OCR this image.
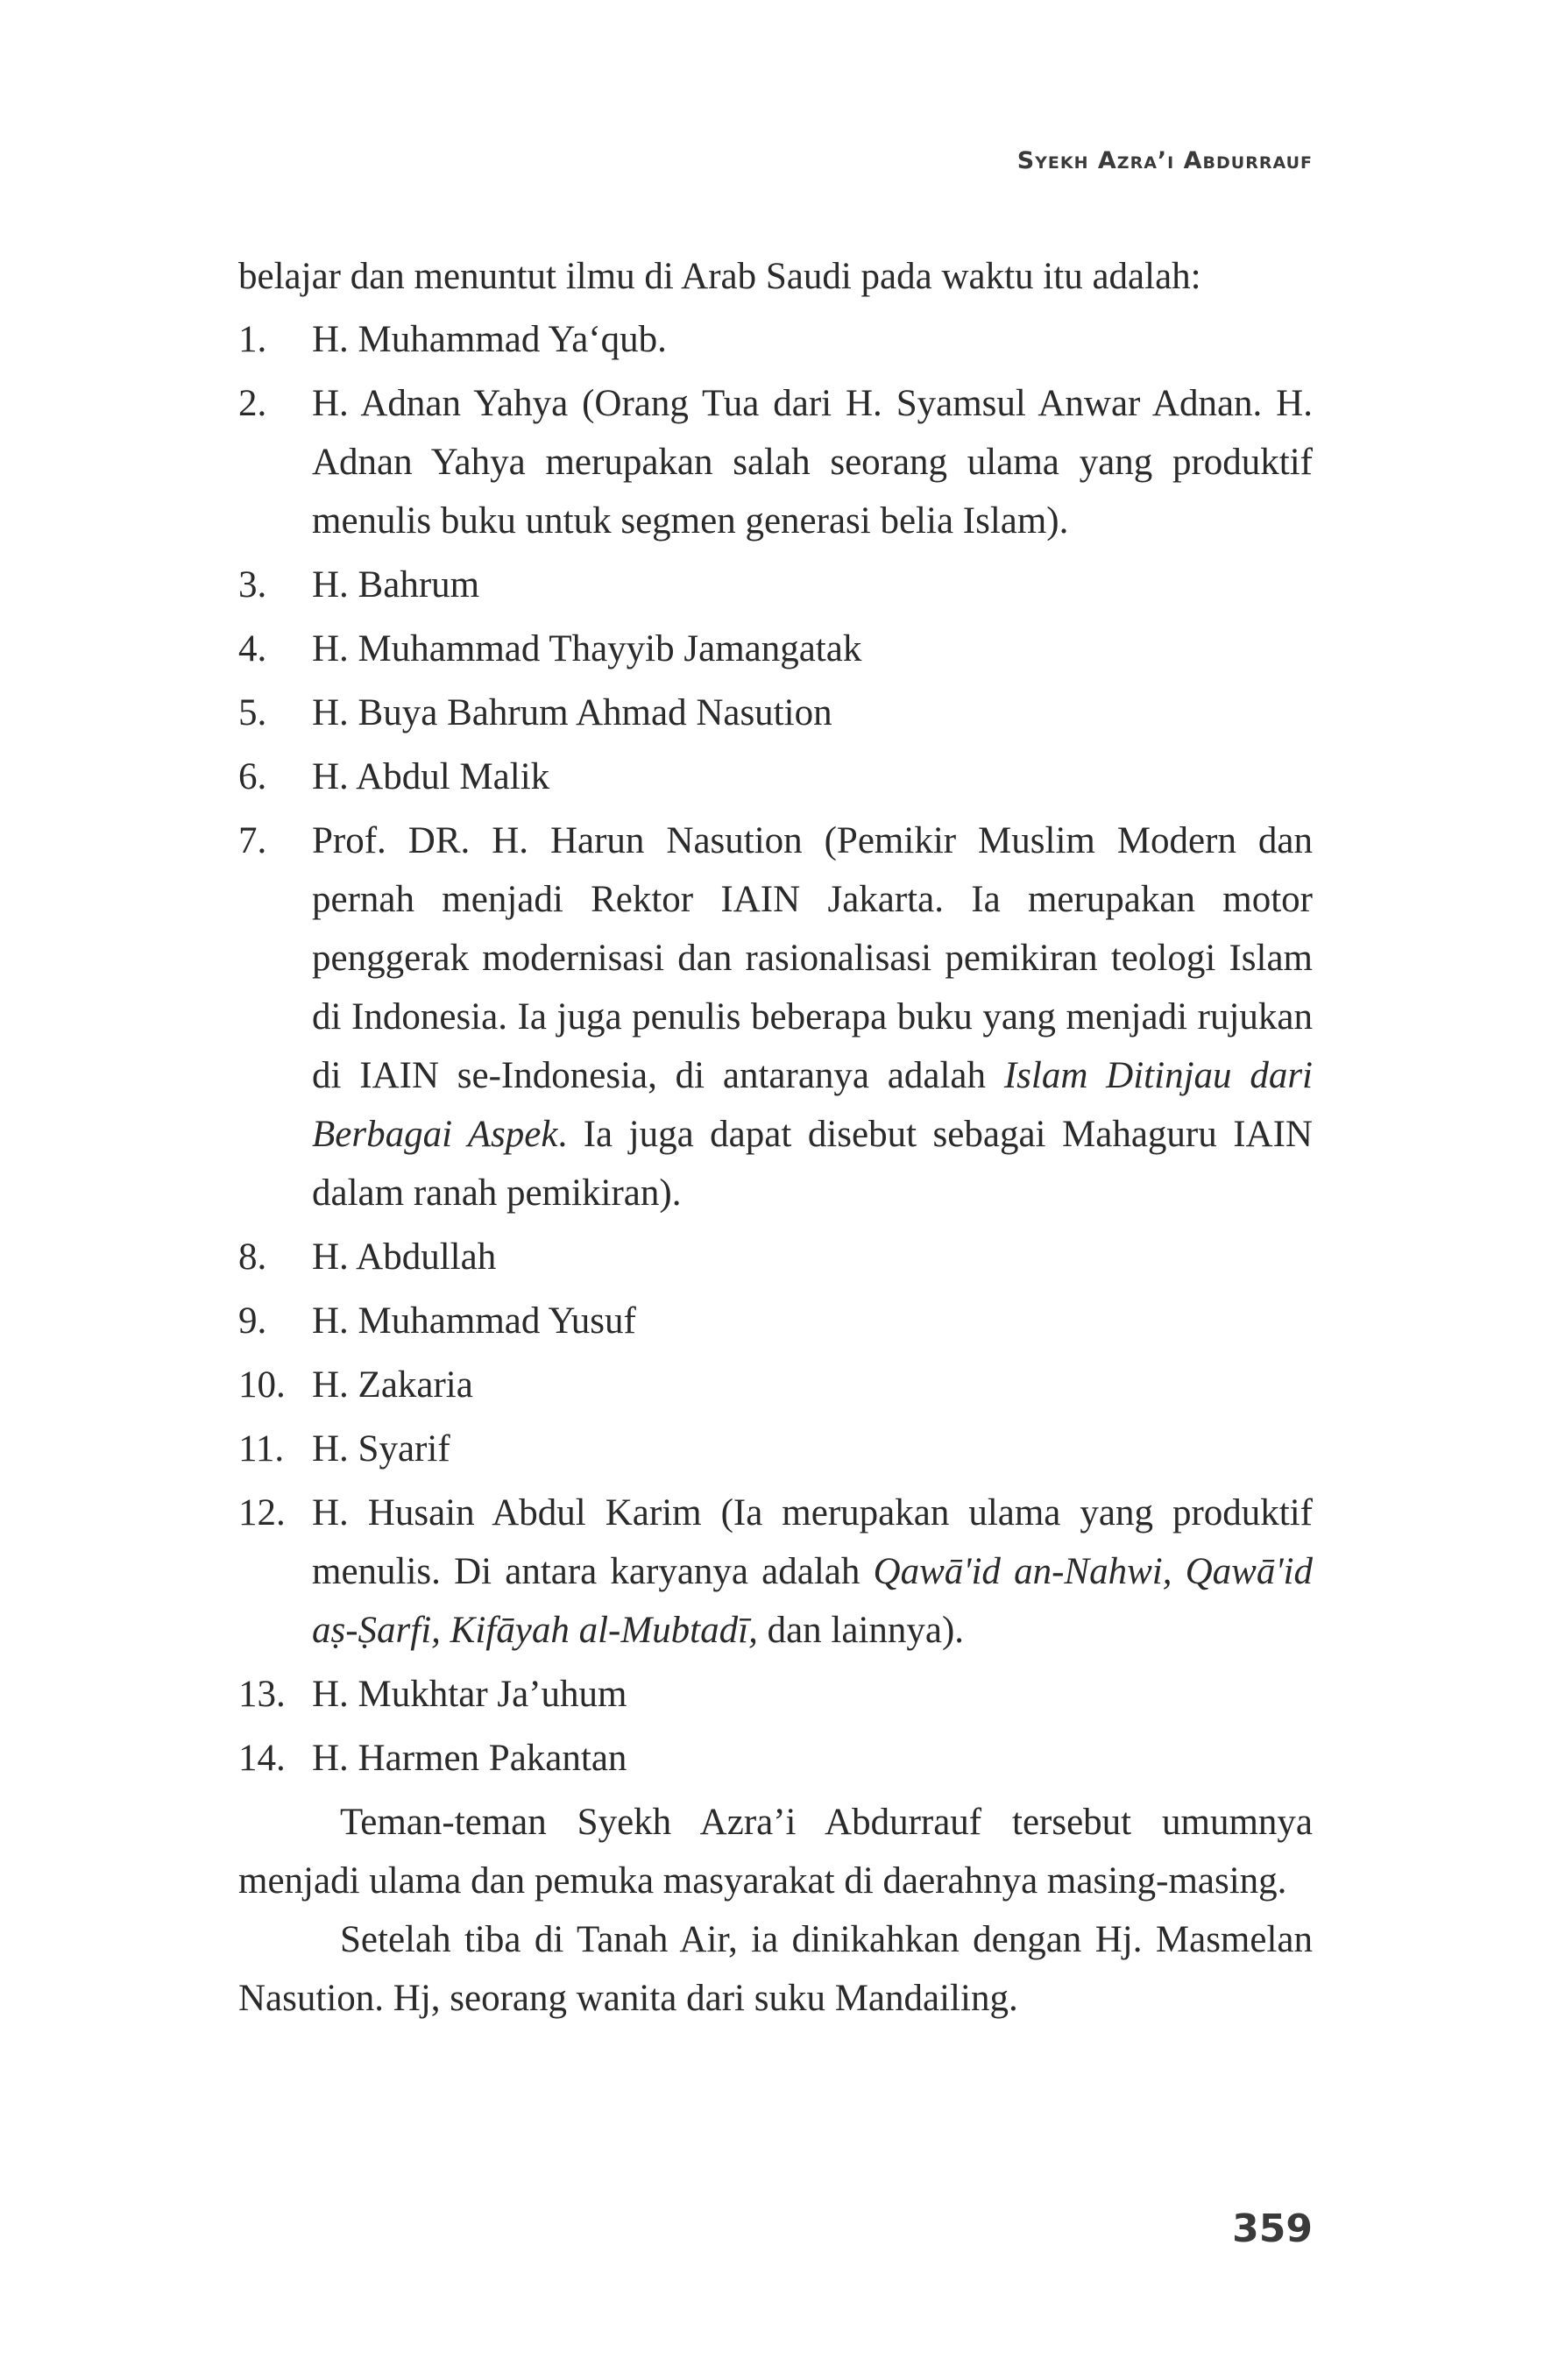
Syekh Azra’i Abdurrauf

belajar dan menuntut ilmu di Arab Saudi pada waktu itu adalah:

1. H. Muhammad Ya‘qub.
2. H. Adnan Yahya (Orang Tua dari H. Syamsul Anwar Adnan. H. Adnan Yahya merupakan salah seorang ulama yang produktif menulis buku untuk segmen generasi belia Islam).
3. H. Bahrum
4. H. Muhammad Thayyib Jamangatak
5. H. Buya Bahrum Ahmad Nasution
6. H. Abdul Malik
7. Prof. DR. H. Harun Nasution (Pemikir Muslim Modern dan pernah menjadi Rektor IAIN Jakarta. Ia merupakan motor penggerak modernisasi dan rasionalisasi pemikiran teologi Islam di Indonesia. Ia juga penulis beberapa buku yang menjadi rujukan di IAIN se-Indonesia, di antaranya adalah Islam Ditinjau dari Berbagai Aspek. Ia juga dapat disebut sebagai Mahaguru IAIN dalam ranah pemikiran).
8. H. Abdullah
9. H. Muhammad Yusuf
10. H. Zakaria
11. H. Syarif
12. H. Husain Abdul Karim (Ia merupakan ulama yang produktif menulis. Di antara karyanya adalah Qawā'id an-Nahwi, Qawā'id aṣ-Ṣarfi, Kifāyah al-Mubtadī, dan lainnya).
13. H. Mukhtar Ja’uhum
14. H. Harmen Pakantan

Teman-teman Syekh Azra’i Abdurrauf tersebut umumnya menjadi ulama dan pemuka masyarakat di daerahnya masing-masing.

Setelah tiba di Tanah Air, ia dinikahkan dengan Hj. Masmelan Nasution. Hj, seorang wanita dari suku Mandailing.

359
